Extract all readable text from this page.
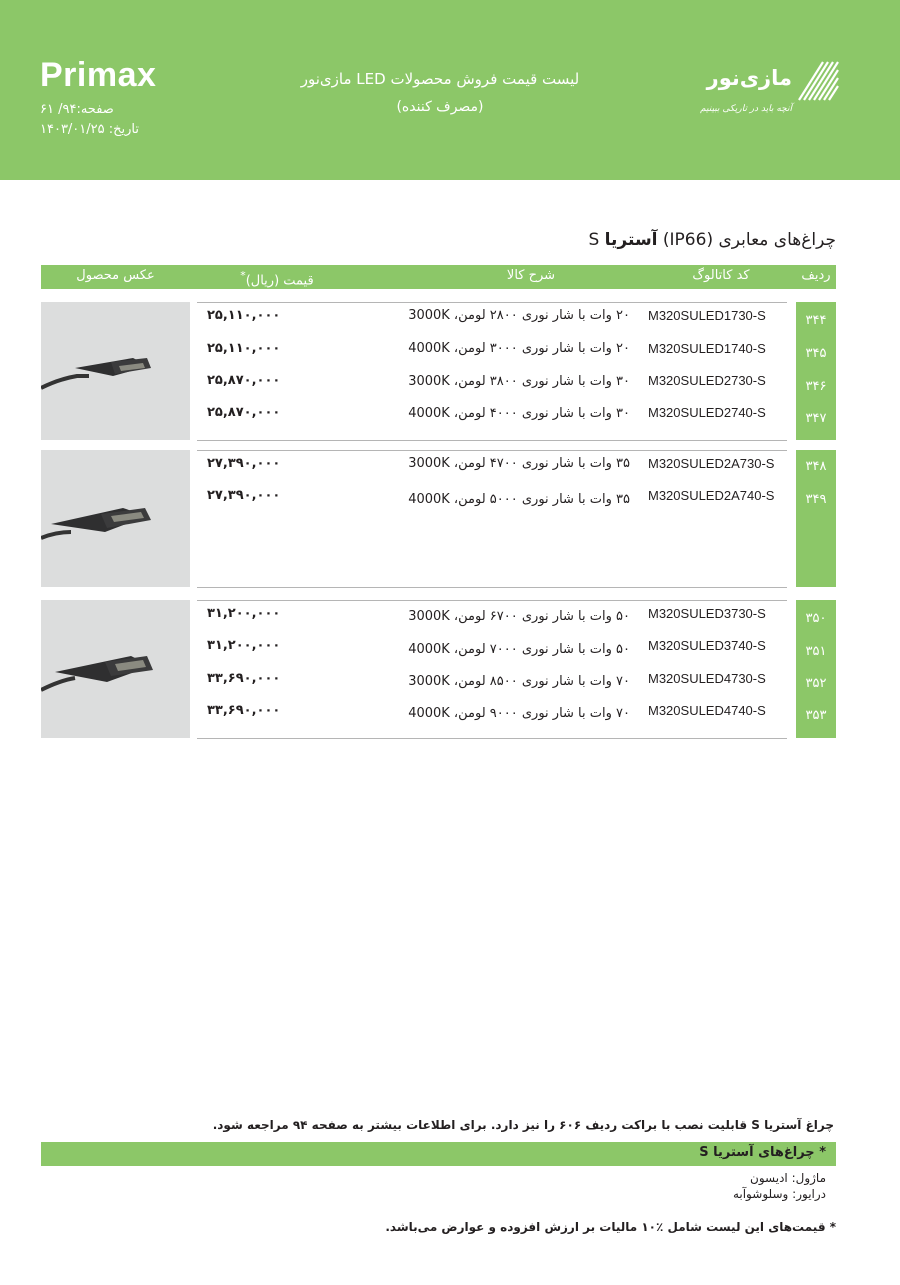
Primax
صفحه:۹۴/ ۶۱
تاریخ: ۱۴۰۳/۰۱/۲۵
لیست قیمت فروش محصولات LED مازی‌نور
(مصرف کننده)
مازی‌نور
آنچه باید در تاریکی ببینیم
چراغ‌های معابری (IP66) آستریا S
ردیف
کد کاتالوگ
شرح کالا
قیمت (ریال)*
عکس محصول
۳۴۴
M320SULED1730-S
۲۰ وات با شار نوری ۲۸۰۰ لومن، 3000K
۲۵,۱۱۰,۰۰۰
۳۴۵
M320SULED1740-S
۲۰ وات با شار نوری ۳۰۰۰ لومن، 4000K
۲۵,۱۱۰,۰۰۰
۳۴۶
M320SULED2730-S
۳۰ وات با شار نوری ۳۸۰۰ لومن، 3000K
۲۵,۸۷۰,۰۰۰
۳۴۷
M320SULED2740-S
۳۰ وات با شار نوری ۴۰۰۰ لومن، 4000K
۲۵,۸۷۰,۰۰۰
۳۴۸
M320SULED2A730-S
۳۵ وات با شار نوری ۴۷۰۰ لومن، 3000K
۲۷,۳۹۰,۰۰۰
۳۴۹
M320SULED2A740-S
۳۵ وات با شار نوری ۵۰۰۰ لومن، 4000K
۲۷,۳۹۰,۰۰۰
۳۵۰
M320SULED3730-S
۵۰ وات با شار نوری ۶۷۰۰ لومن، 3000K
۳۱,۲۰۰,۰۰۰
۳۵۱
M320SULED3740-S
۵۰ وات با شار نوری ۷۰۰۰ لومن، 4000K
۳۱,۲۰۰,۰۰۰
۳۵۲
M320SULED4730-S
۷۰ وات با شار نوری ۸۵۰۰ لومن، 3000K
۳۳,۶۹۰,۰۰۰
۳۵۳
M320SULED4740-S
۷۰ وات با شار نوری ۹۰۰۰ لومن، 4000K
۳۳,۶۹۰,۰۰۰
چراغ آستریا S قابلیت نصب با براکت ردیف ۶۰۶ را نیز دارد. برای اطلاعات بیشتر به صفحه ۹۴ مراجعه شود.
* چراغ‌های آستریا S
ماژول: ادیسون
درایور: وسلوشوآبه
* قیمت‌های این لیست شامل ٪۱۰ مالیات بر ارزش افزوده و عوارض می‌باشد.
